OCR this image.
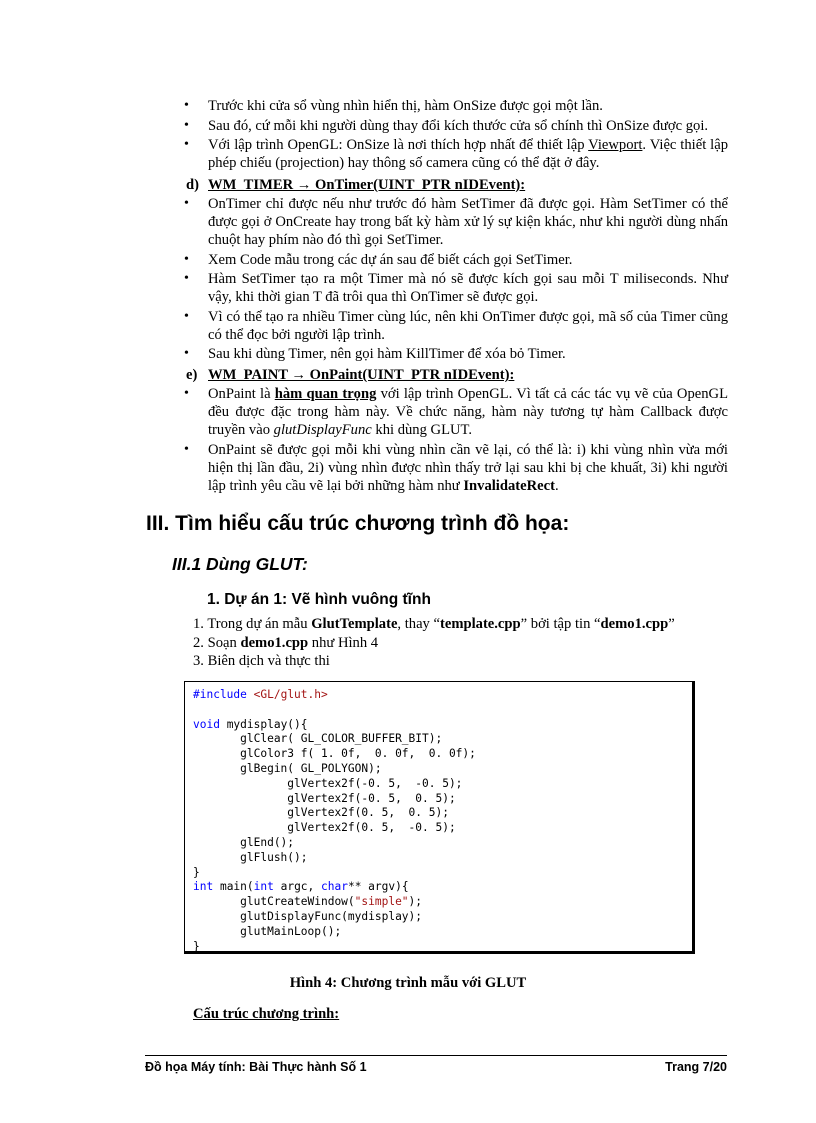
• Trước khi cửa sổ vùng nhìn hiển thị, hàm OnSize được gọi một lần.
• Sau đó, cứ mỗi khi người dùng thay đổi kích thước cửa sổ chính thì OnSize được gọi.
• Với lập trình OpenGL: OnSize là nơi thích hợp nhất để thiết lập Viewport. Việc thiết lập phép chiếu (projection) hay thông số camera cũng có thể đặt ở đây.
d) WM_TIMER → OnTimer(UINT_PTR nIDEvent):
• OnTimer chỉ được nếu như trước đó hàm SetTimer đã được gọi. Hàm SetTimer có thể được gọi ở OnCreate hay trong bất kỳ hàm xử lý sự kiện khác, như khi người dùng nhấn chuột hay phím nào đó thì gọi SetTimer.
• Xem Code mẫu trong các dự án sau để biết cách gọi SetTimer.
• Hàm SetTimer tạo ra một Timer mà nó sẽ được kích gọi sau mỗi T miliseconds. Như vậy, khi thời gian T đã trôi qua thì OnTimer sẽ được gọi.
• Vì có thể tạo ra nhiều Timer cùng lúc, nên khi OnTimer được gọi, mã số của Timer cũng có thể đọc bởi người lập trình.
• Sau khi dùng Timer, nên gọi hàm KillTimer để xóa bỏ Timer.
e) WM_PAINT → OnPaint(UINT_PTR nIDEvent):
• OnPaint là hàm quan trọng với lập trình OpenGL. Vì tất cả các tác vụ vẽ của OpenGL đều được đặc trong hàm này. Về chức năng, hàm này tương tự hàm Callback được truyền vào glutDisplayFunc khi dùng GLUT.
• OnPaint sẽ được gọi mỗi khi vùng nhìn cần vẽ lại, có thể là: i) khi vùng nhìn vừa mới hiện thị lần đầu, 2i) vùng nhìn được nhìn thấy trở lại sau khi bị che khuất, 3i) khi người lập trình yêu cầu vẽ lại bởi những hàm như InvalidateRect.
III. Tìm hiểu cấu trúc chương trình đồ họa:
III.1 Dùng GLUT:
1. Dự án 1: Vẽ hình vuông tĩnh
1. Trong dự án mẫu GlutTemplate, thay “template.cpp” bởi tập tin “demo1.cpp”
2. Soạn demo1.cpp như Hình 4
3. Biên dịch và thực thi
#include <GL/glut.h>

void mydisplay(){
glClear( GL_COLOR_BUFFER_BIT);
glColor3 f( 1. 0f,  0. 0f,  0. 0f);
glBegin( GL_POLYGON);
glVertex2f(-0. 5,  -0. 5);
glVertex2f(-0. 5,  0. 5);
glVertex2f(0. 5,  0. 5);
glVertex2f(0. 5,  -0. 5);
glEnd();
glFlush();
}
int main(int argc, char** argv){
glutCreateWindow("simple");
glutDisplayFunc(mydisplay);
glutMainLoop();
}
Hình 4: Chương trình mẫu với GLUT
Cấu trúc chương trình:
Đồ họa Máy tính: Bài Thực hành Số 1	Trang 7/20
